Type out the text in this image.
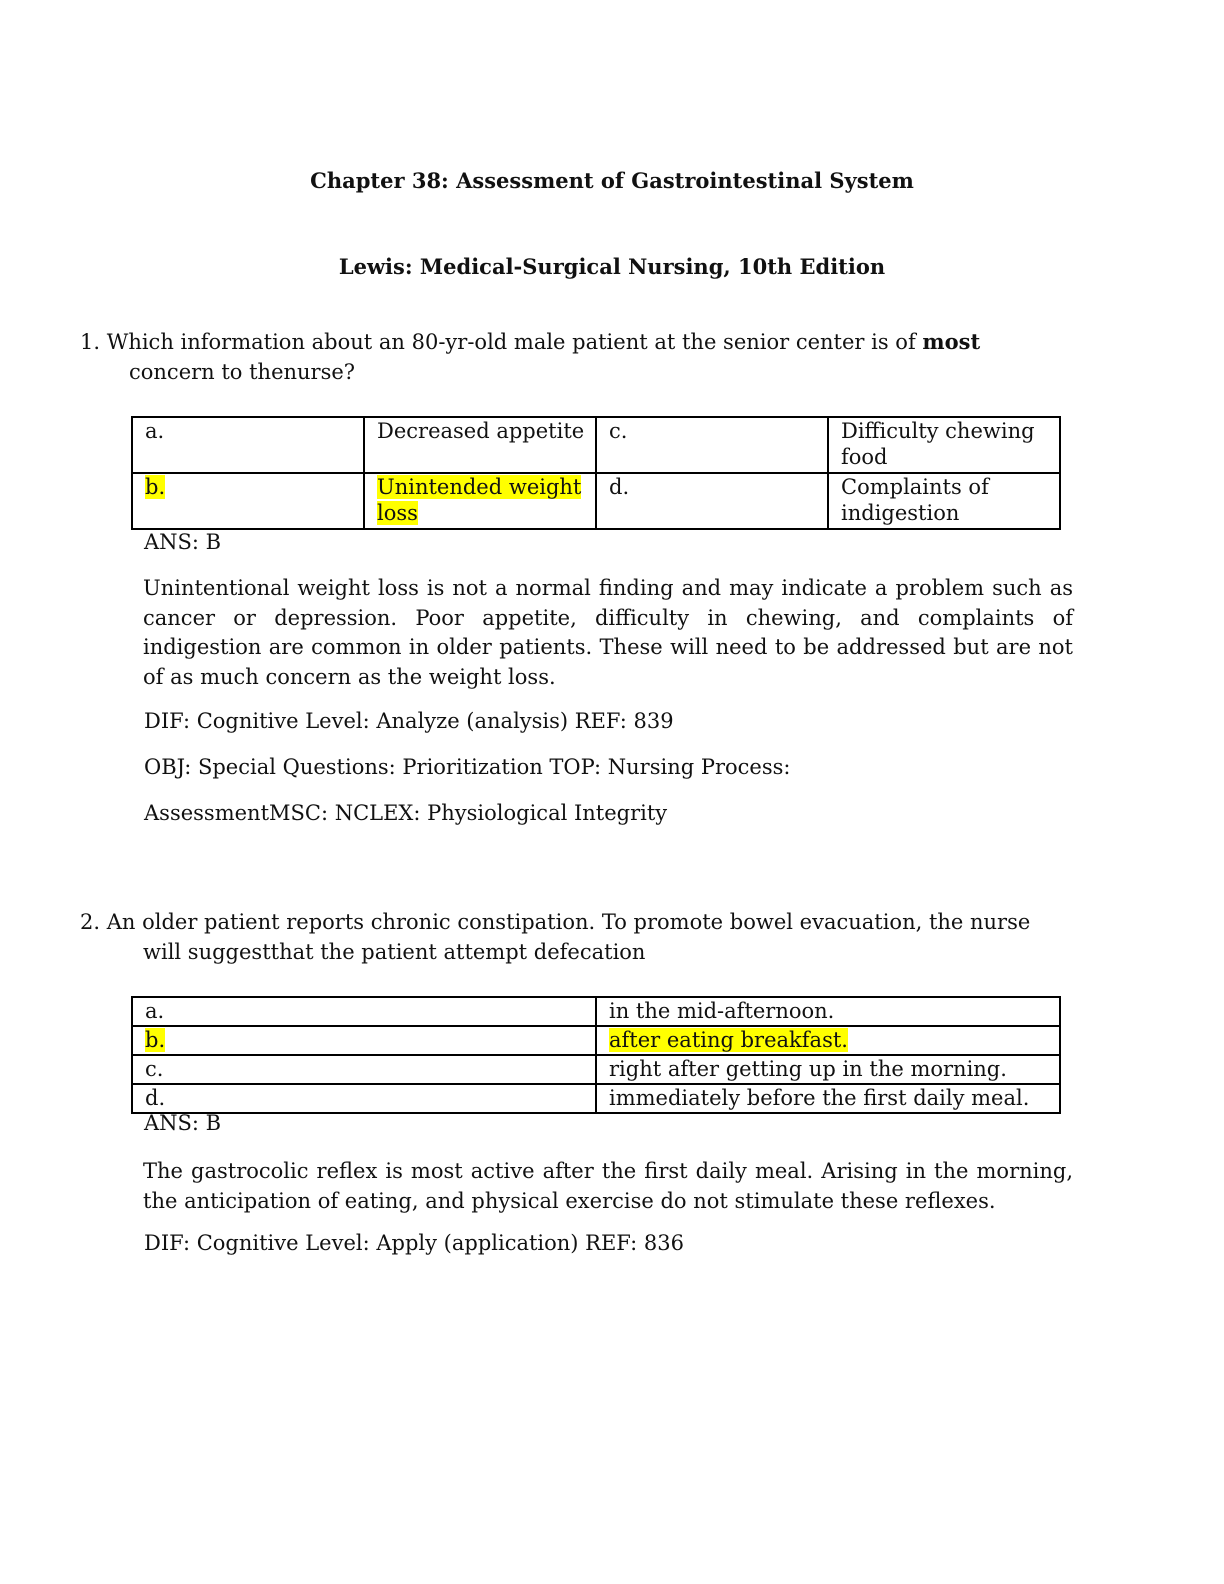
Chapter 38: Assessment of Gastrointestinal System
Lewis: Medical-Surgical Nursing, 10th Edition
1. Which information about an 80-yr-old male patient at the senior center is of most
concern to thenurse?
a.	Decreased appetite	c.	Difficulty chewing food
b.	Unintended weight loss	d.	Complaints of indigestion
ANS: B
Unintentional weight loss is not a normal finding and may indicate a problem such as cancer or depression. Poor appetite, difficulty in chewing, and complaints of indigestion are common in older patients. These will need to be addressed but are not of as much concern as the weight loss.
DIF: Cognitive Level: Analyze (analysis) REF: 839
OBJ: Special Questions: Prioritization TOP: Nursing Process:
AssessmentMSC: NCLEX: Physiological Integrity
2. An older patient reports chronic constipation. To promote bowel evacuation, the nurse
will suggestthat the patient attempt defecation
a.	in the mid-afternoon.
b.	after eating breakfast.
c.	right after getting up in the morning.
d.	immediately before the first daily meal.
ANS: B
The gastrocolic reflex is most active after the first daily meal. Arising in the morning, the anticipation of eating, and physical exercise do not stimulate these reflexes.
DIF: Cognitive Level: Apply (application) REF: 836
